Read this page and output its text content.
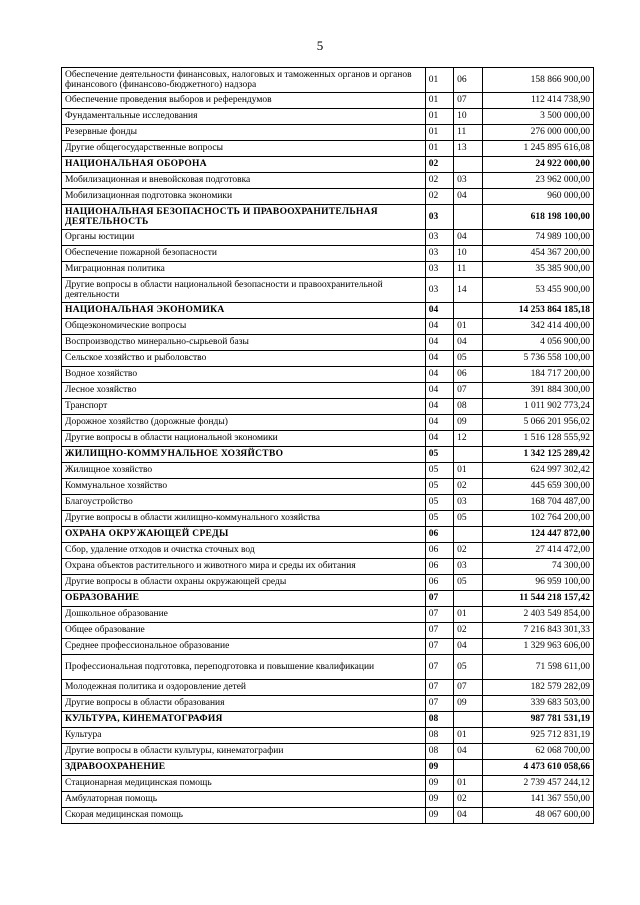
5
Обеспечение деятельности финансовых, налоговых и таможенных органов и органов финансового (финансово-бюджетного) надзора	01	06	158 866 900,00
Обеспечение проведения выборов и референдумов	01	07	112 414 738,90
Фундаментальные исследования	01	10	3 500 000,00
Резервные фонды	01	11	276 000 000,00
Другие общегосударственные вопросы	01	13	1 245 895 616,08
НАЦИОНАЛЬНАЯ ОБОРОНА	02		24 922 000,00
Мобилизационная и вневойсковая подготовка	02	03	23 962 000,00
Мобилизационная подготовка экономики	02	04	960 000,00
НАЦИОНАЛЬНАЯ БЕЗОПАСНОСТЬ И ПРАВООХРАНИТЕЛЬНАЯ ДЕЯТЕЛЬНОСТЬ	03		618 198 100,00
Органы юстиции	03	04	74 989 100,00
Обеспечение пожарной безопасности	03	10	454 367 200,00
Миграционная политика	03	11	35 385 900,00
Другие вопросы в области национальной безопасности и правоохранительной деятельности	03	14	53 455 900,00
НАЦИОНАЛЬНАЯ ЭКОНОМИКА	04		14 253 864 185,18
Общеэкономические вопросы	04	01	342 414 400,00
Воспроизводство минерально-сырьевой базы	04	04	4 056 900,00
Сельское хозяйство и рыболовство	04	05	5 736 558 100,00
Водное хозяйство	04	06	184 717 200,00
Лесное хозяйство	04	07	391 884 300,00
Транспорт	04	08	1 011 902 773,24
Дорожное хозяйство (дорожные фонды)	04	09	5 066 201 956,02
Другие вопросы в области национальной экономики	04	12	1 516 128 555,92
ЖИЛИЩНО-КОММУНАЛЬНОЕ ХОЗЯЙСТВО	05		1 342 125 289,42
Жилищное хозяйство	05	01	624 997 302,42
Коммунальное хозяйство	05	02	445 659 300,00
Благоустройство	05	03	168 704 487,00
Другие вопросы в области жилищно-коммунального хозяйства	05	05	102 764 200,00
ОХРАНА ОКРУЖАЮЩЕЙ СРЕДЫ	06		124 447 872,00
Сбор, удаление отходов и очистка сточных вод	06	02	27 414 472,00
Охрана объектов растительного и животного мира и среды их обитания	06	03	74 300,00
Другие вопросы в области охраны окружающей среды	06	05	96 959 100,00
ОБРАЗОВАНИЕ	07		11 544 218 157,42
Дошкольное образование	07	01	2 403 549 854,00
Общее образование	07	02	7 216 843 301,33
Среднее профессиональное образование	07	04	1 329 963 606,00
Профессиональная подготовка, переподготовка и повышение квалификации	07	05	71 598 611,00
Молодежная политика и оздоровление детей	07	07	182 579 282,09
Другие вопросы в области образования	07	09	339 683 503,00
КУЛЬТУРА, КИНЕМАТОГРАФИЯ	08		987 781 531,19
Культура	08	01	925 712 831,19
Другие вопросы в области культуры, кинематографии	08	04	62 068 700,00
ЗДРАВООХРАНЕНИЕ	09		4 473 610 058,66
Стационарная медицинская помощь	09	01	2 739 457 244,12
Амбулаторная помощь	09	02	141 367 550,00
Скорая медицинская помощь	09	04	48 067 600,00
